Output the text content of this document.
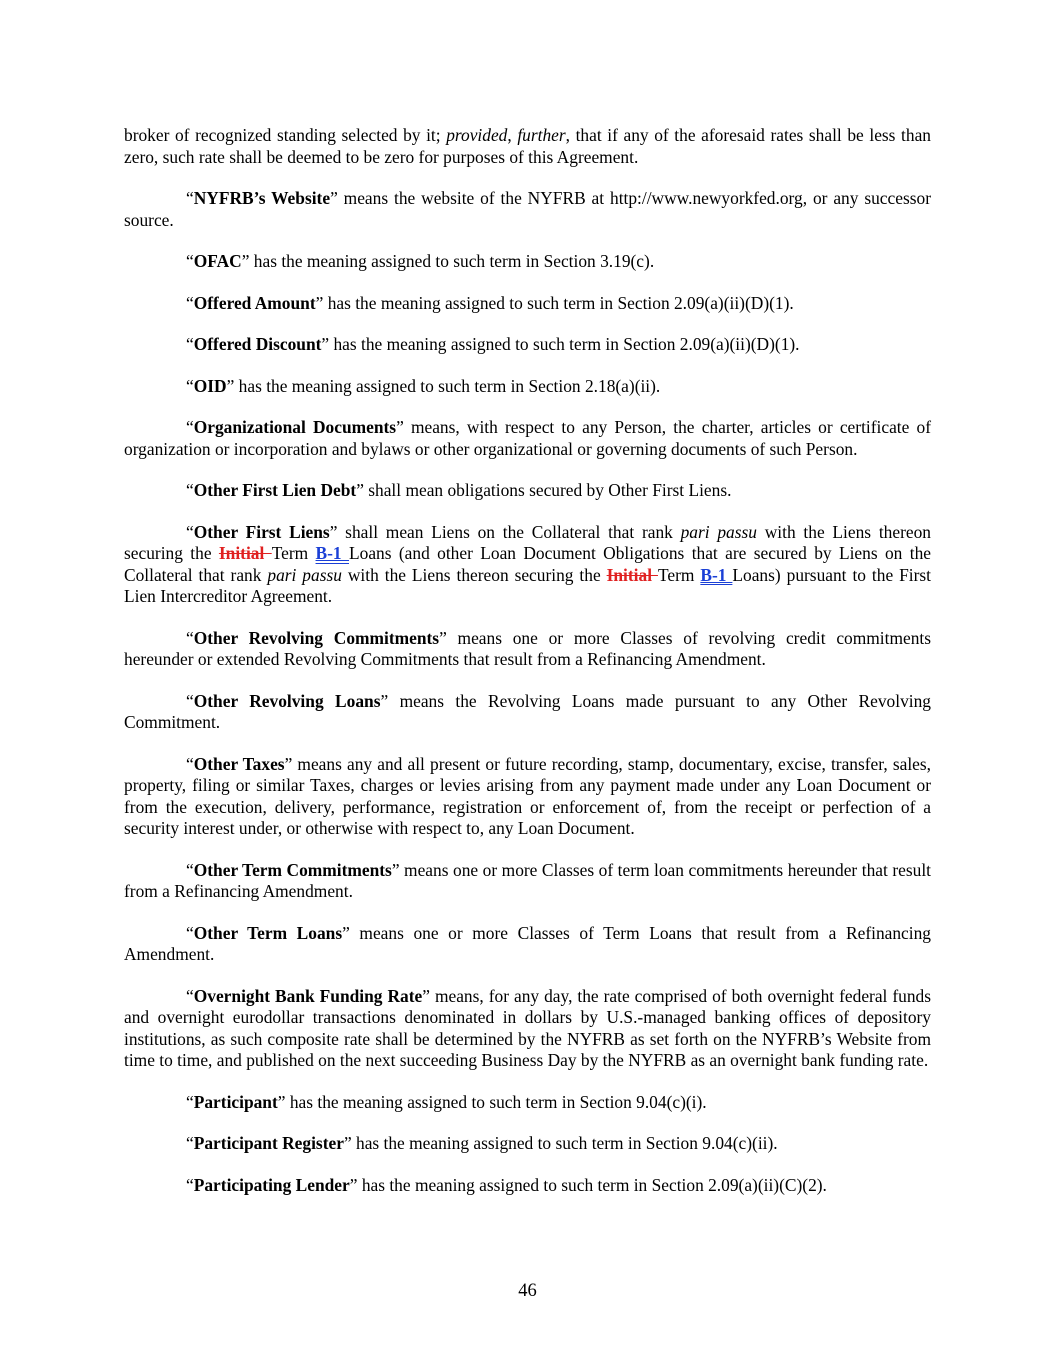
broker of recognized standing selected by it; provided, further, that if any of the aforesaid rates shall be less than zero, such rate shall be deemed to be zero for purposes of this Agreement.

“NYFRB’s Website” means the website of the NYFRB at http://www.newyorkfed.org, or any successor source.

“OFAC” has the meaning assigned to such term in Section 3.19(c).

“Offered Amount” has the meaning assigned to such term in Section 2.09(a)(ii)(D)(1).

“Offered Discount” has the meaning assigned to such term in Section 2.09(a)(ii)(D)(1).

“OID” has the meaning assigned to such term in Section 2.18(a)(ii).

“Organizational Documents” means, with respect to any Person, the charter, articles or certificate of organization or incorporation and bylaws or other organizational or governing documents of such Person.

“Other First Lien Debt” shall mean obligations secured by Other First Liens.

“Other First Liens” shall mean Liens on the Collateral that rank pari passu with the Liens thereon securing the Initial Term B-1 Loans (and other Loan Document Obligations that are secured by Liens on the Collateral that rank pari passu with the Liens thereon securing the Initial Term B-1 Loans) pursuant to the First Lien Intercreditor Agreement.

“Other Revolving Commitments” means one or more Classes of revolving credit commitments hereunder or extended Revolving Commitments that result from a Refinancing Amendment.

“Other Revolving Loans” means the Revolving Loans made pursuant to any Other Revolving Commitment.

“Other Taxes” means any and all present or future recording, stamp, documentary, excise, transfer, sales, property, filing or similar Taxes, charges or levies arising from any payment made under any Loan Document or from the execution, delivery, performance, registration or enforcement of, from the receipt or perfection of a security interest under, or otherwise with respect to, any Loan Document.

“Other Term Commitments” means one or more Classes of term loan commitments hereunder that result from a Refinancing Amendment.

“Other Term Loans” means one or more Classes of Term Loans that result from a Refinancing Amendment.

“Overnight Bank Funding Rate” means, for any day, the rate comprised of both overnight federal funds and overnight eurodollar transactions denominated in dollars by U.S.-managed banking offices of depository institutions, as such composite rate shall be determined by the NYFRB as set forth on the NYFRB’s Website from time to time, and published on the next succeeding Business Day by the NYFRB as an overnight bank funding rate.

“Participant” has the meaning assigned to such term in Section 9.04(c)(i).

“Participant Register” has the meaning assigned to such term in Section 9.04(c)(ii).

“Participating Lender” has the meaning assigned to such term in Section 2.09(a)(ii)(C)(2).

46
